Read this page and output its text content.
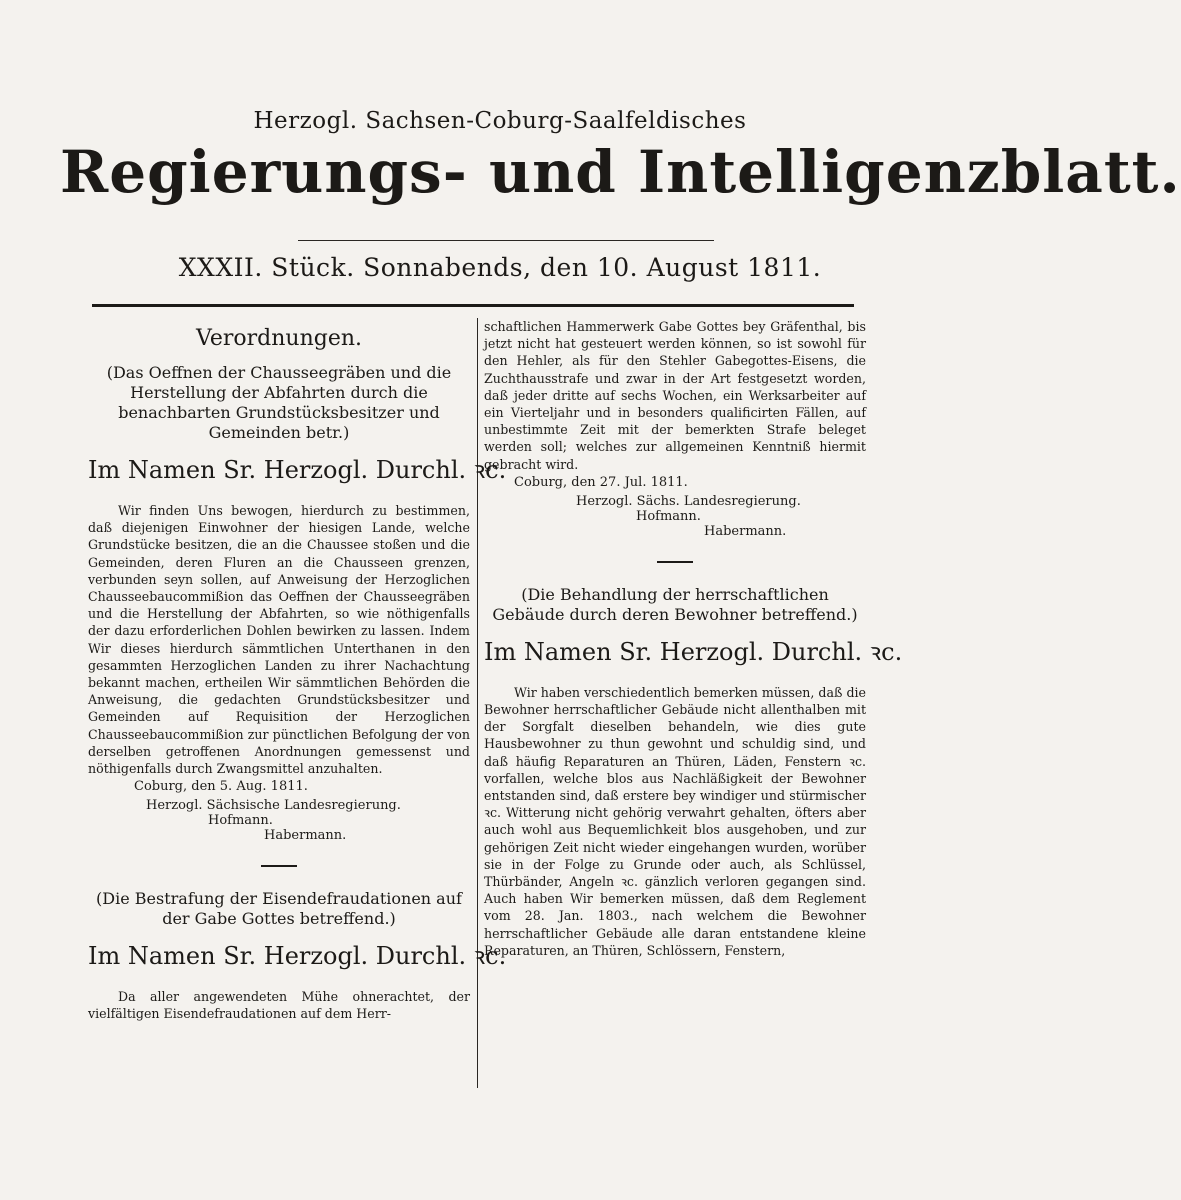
Herzogl. Sachsen-Coburg-Saalfeldisches
Regierungs- und Intelligenzblatt.
XXXII. Stück. Sonnabends, den 10. August 1811.
Verordnungen.
(Das Oeffnen der Chausseegräben und die Herstellung der Abfahrten durch die benachbarten Grundstücksbesitzer und Gemeinden betr.)
Im Namen Sr. Herzogl. Durchl. ꝛc.

Wir finden Uns bewogen, hierdurch zu bestimmen, daß diejenigen Einwohner der hiesigen Lande, welche Grundstücke besitzen, die an die Chaussee stoßen und die Gemeinden, deren Fluren an die Chausseen grenzen, verbunden seyn sollen, auf Anweisung der Herzoglichen Chausseebaucommißion das Oeffnen der Chausseegräben und die Herstellung der Abfahrten, so wie nöthigenfalls der dazu erforderlichen Dohlen bewirken zu lassen. Indem Wir dieses hierdurch sämmtlichen Unterthanen in den gesammten Herzoglichen Landen zu ihrer Nachachtung bekannt machen, ertheilen Wir sämmtlichen Behörden die Anweisung, die gedachten Grundstücksbesitzer und Gemeinden auf Requisition der Herzoglichen Chausseebaucommißion zur pünctlichen Befolgung der von derselben getroffenen Anordnungen gemessenst und nöthigenfalls durch Zwangsmittel anzuhalten.

Coburg, den 5. Aug. 1811.
Herzogl. Sächsische Landesregierung.
Hofmann.
Habermann.
(Die Bestrafung der Eisendefraudationen auf der Gabe Gottes betreffend.)
Im Namen Sr. Herzogl. Durchl. ꝛc.

Da aller angewendeten Mühe ohnerachtet, der vielfältigen Eisendefraudationen auf dem Herr-

schaftlichen Hammerwerk Gabe Gottes bey Gräfenthal, bis jetzt nicht hat gesteuert werden können, so ist sowohl für den Hehler, als für den Stehler Gabegottes-Eisens, die Zuchthausstrafe und zwar in der Art festgesetzt worden, daß jeder dritte auf sechs Wochen, ein Werksarbeiter auf ein Vierteljahr und in besonders qualificirten Fällen, auf unbestimmte Zeit mit der bemerkten Strafe beleget werden soll; welches zur allgemeinen Kenntniß hiermit gebracht wird.

Coburg, den 27. Jul. 1811.
Herzogl. Sächs. Landesregierung.
Hofmann.
Habermann.
(Die Behandlung der herrschaftlichen Gebäude durch deren Bewohner betreffend.)
Im Namen Sr. Herzogl. Durchl. ꝛc.

Wir haben verschiedentlich bemerken müssen, daß die Bewohner herrschaftlicher Gebäude nicht allenthalben mit der Sorgfalt dieselben behandeln, wie dies gute Hausbewohner zu thun gewohnt und schuldig sind, und daß häufig Reparaturen an Thüren, Läden, Fenstern ꝛc. vorfallen, welche blos aus Nachläßigkeit der Bewohner entstanden sind, daß erstere bey windiger und stürmischer ꝛc. Witterung nicht gehörig verwahrt gehalten, öfters aber auch wohl aus Bequemlichkeit blos ausgehoben, und zur gehörigen Zeit nicht wieder eingehangen wurden, worüber sie in der Folge zu Grunde oder auch, als Schlüssel, Thürbänder, Angeln ꝛc. gänzlich verloren gegangen sind. Auch haben Wir bemerken müssen, daß dem Reglement vom 28. Jan. 1803., nach welchem die Bewohner herrschaftlicher Gebäude alle daran entstandene kleine Reparaturen, an Thüren, Schlössern, Fenstern,
